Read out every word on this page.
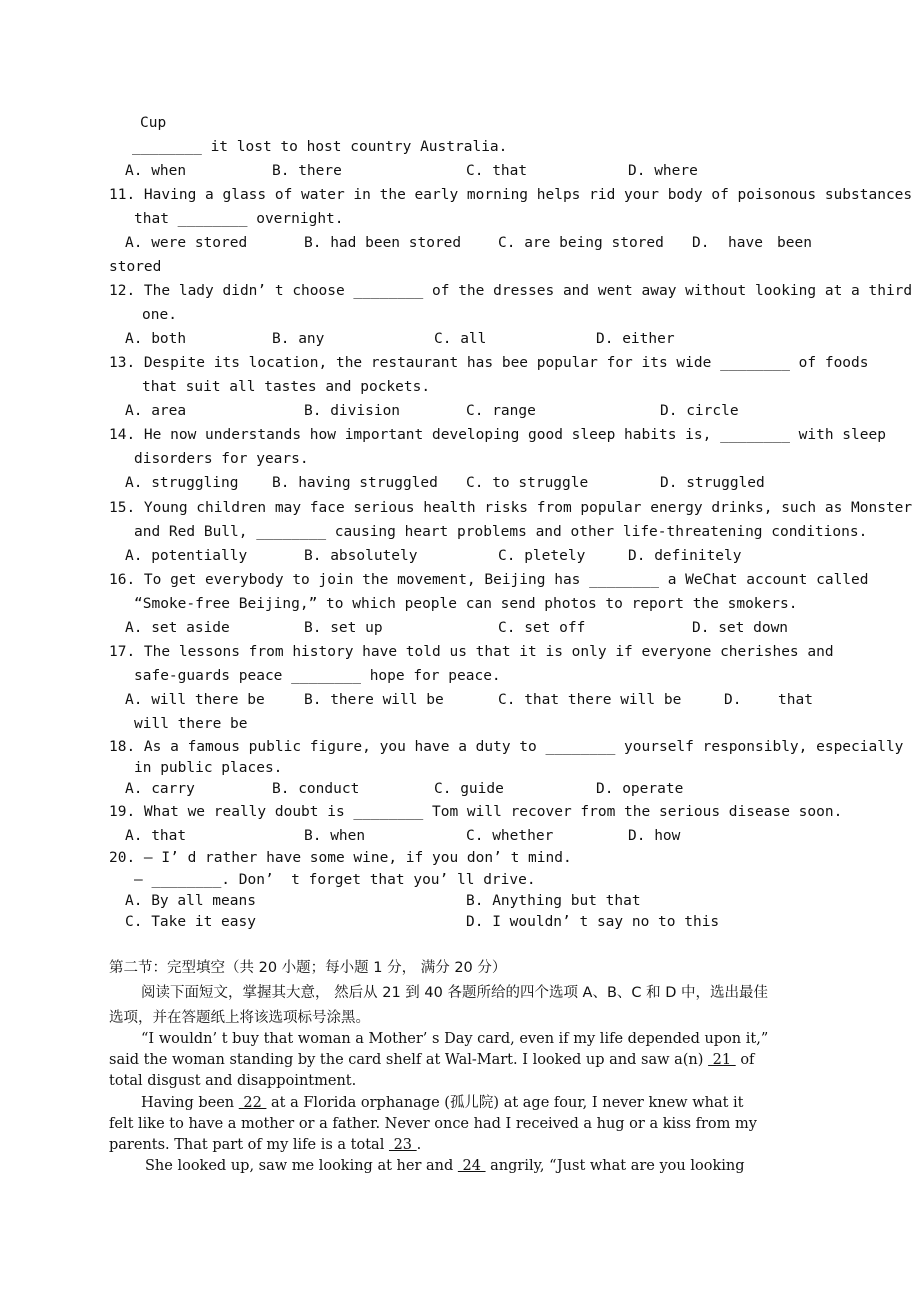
Cup
________ it lost to host country Australia.
A. when	B. there	C. that	D. where
11. Having a glass of water in the early morning helps rid your body of poisonous substances
that ________ overnight.
A. were stored	B. had been stored	C. are being stored D. have been
stored
12. The lady didn’ t choose ________ of the dresses and went away without looking at a third
one.
A. both	B. any	C. all	D. either
13. Despite its location, the restaurant has bee popular for its wide ________ of foods
that suit all tastes and pockets.
A. area	B. division	C. range	D. circle
14. He now understands how important developing good sleep habits is, ________ with sleep
disorders for years.
A. struggling B. having struggled C. to struggle	D. struggled
15. Young children may face serious health risks from popular energy drinks, such as Monster
and Red Bull, ________ causing heart problems and other life-threatening conditions.
A. potentially	B. absolutely	C. pletely	D. definitely
16. To get everybody to join the movement, Beijing has ________ a WeChat account called
“Smoke-free Beijing,” to which people can send photos to report the smokers.
A. set aside	B. set up	C. set off	D. set down
17. The lessons from history have told us that it is only if everyone cherishes and
safe-guards peace ________ hope for peace.
A. will there be	B. there will be	C. that there will be	D.	that
will there be
18. As a famous public figure, you have a duty to ________ yourself responsibly, especially
in public places.
A. carry	B. conduct	C. guide	D. operate
19. What we really doubt is ________ Tom will recover from the serious disease soon.
A. that	B. when	C. whether	D. how
20. – I’ d rather have some wine, if you don’ t mind.
– ________. Don’  t forget that you’ ll drive.
A. By all means	B. Anything but that
C. Take it easy	D. I wouldn’ t say no to this
第二节：完型填空（共 20 小题；每小题 1 分， 满分 20 分）
阅读下面短文，掌握其大意， 然后从 21 到 40 各题所给的四个选项 A、B、C 和 D 中，选出最佳
选项，并在答题纸上将该选项标号涂黑。
“I wouldn’ t buy that woman a Mother’ s Day card, even if my life depended upon it,”
said the woman standing by the card shelf at Wal-Mart. I looked up and saw a(n)  21  of
total disgust and disappointment.
Having been  22  at a Florida orphanage (孤儿院) at age four, I never knew what it
felt like to have a mother or a father. Never once had I received a hug or a kiss from my
parents. That part of my life is a total  23 .
She looked up, saw me looking at her and  24  angrily, “Just what are you looking
